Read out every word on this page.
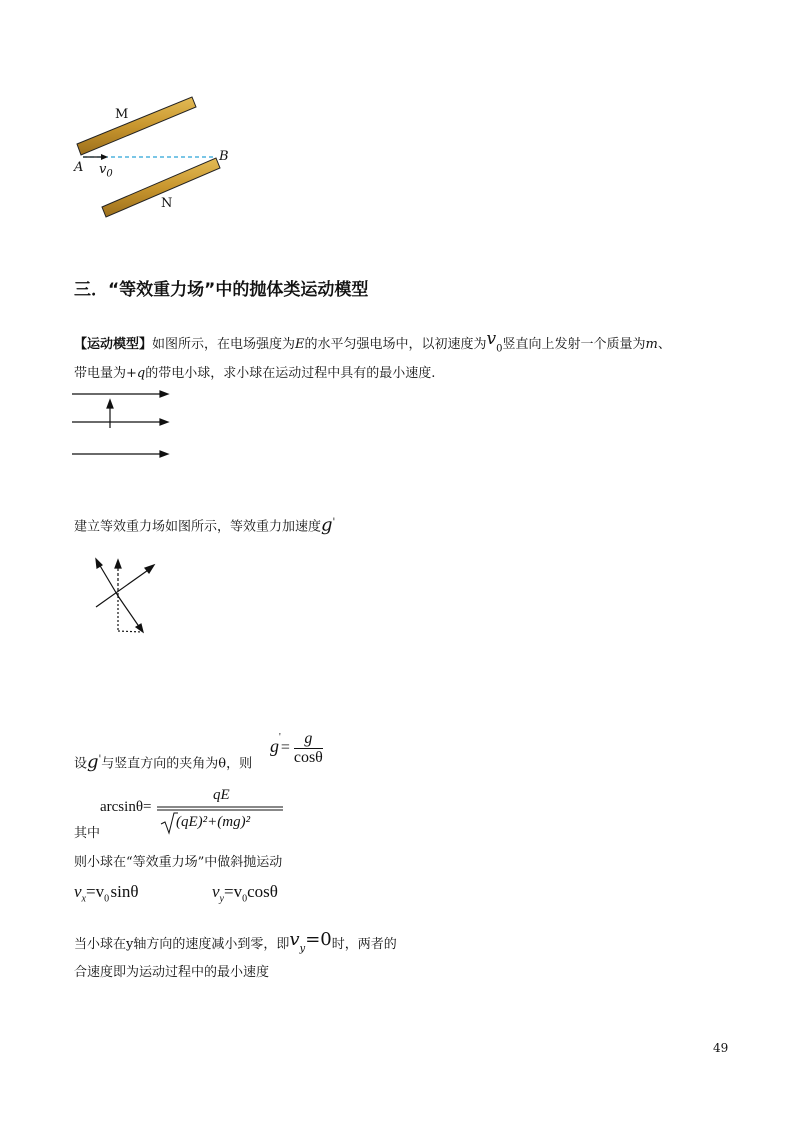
M
N
A
B
$v_0$
三．“等效重力场”中的抛体类运动模型
【运动模型】如图所示，在电场强度为E的水平匀强电场中，以初速度为$v_0$竖直向上发射一个质量为m、
带电量为+q的带电小球，求小球在运动过程中具有的最小速度.
建立等效重力场如图所示，等效重力加速度g'
设g'与竖直方向的夹角为θ，则
$g'= \frac{g}{\cos\theta}$
arcsinθ=
qE
(qE)²+(mg)²
其中
则小球在“等效重力场”中做斜抛运动
$v_x=v_0$ sinθ	$v_y=v_0\cos\theta$
当小球在y轴方向的速度减小到零，即$v_y=0$时，两者的
合速度即为运动过程中的最小速度
49
